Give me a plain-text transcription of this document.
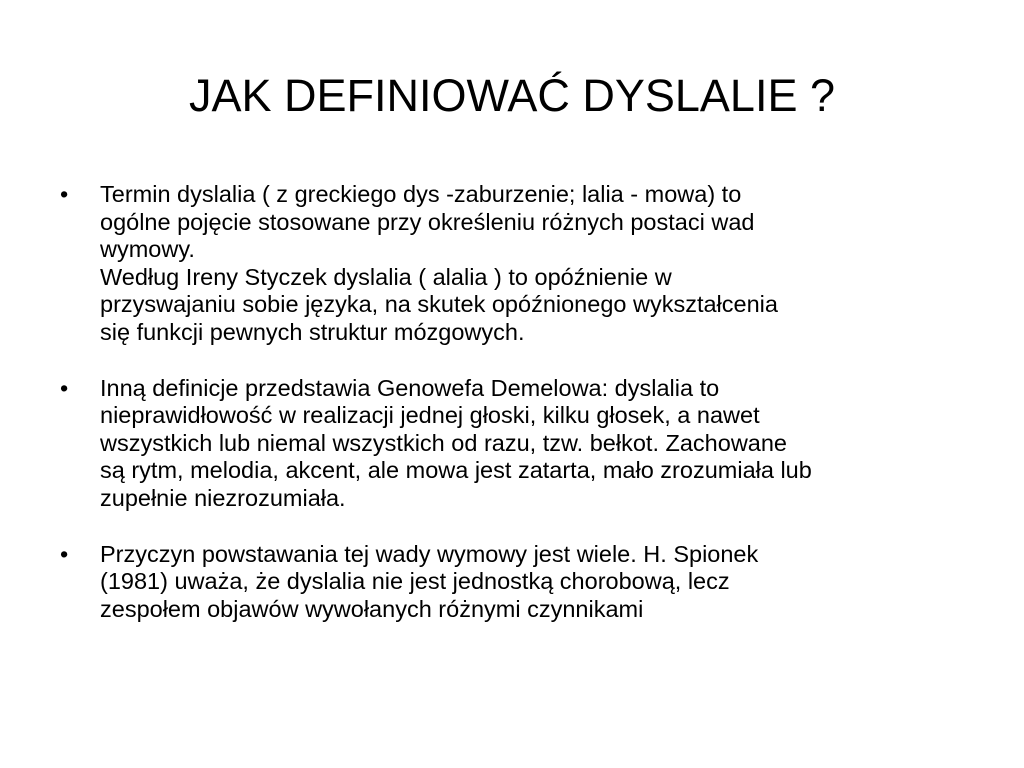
JAK DEFINIOWAĆ DYSLALIE ?
•	Termin dyslalia ( z greckiego dys -zaburzenie; lalia - mowa) to
ogólne pojęcie stosowane przy określeniu różnych postaci wad
wymowy.
Według Ireny Styczek dyslalia ( alalia ) to opóźnienie w
przyswajaniu sobie języka, na skutek opóźnionego wykształcenia
się funkcji pewnych struktur mózgowych.
•	Inną definicje przedstawia Genowefa Demelowa: dyslalia to
nieprawidłowość w realizacji jednej głoski, kilku głosek, a nawet
wszystkich lub niemal wszystkich od razu, tzw. bełkot. Zachowane
są rytm, melodia, akcent, ale mowa jest zatarta, mało zrozumiała lub
zupełnie niezrozumiała.
•	Przyczyn powstawania tej wady wymowy jest wiele. H. Spionek
(1981) uważa, że dyslalia nie jest jednostką chorobową, lecz
zespołem objawów wywołanych różnymi czynnikami
